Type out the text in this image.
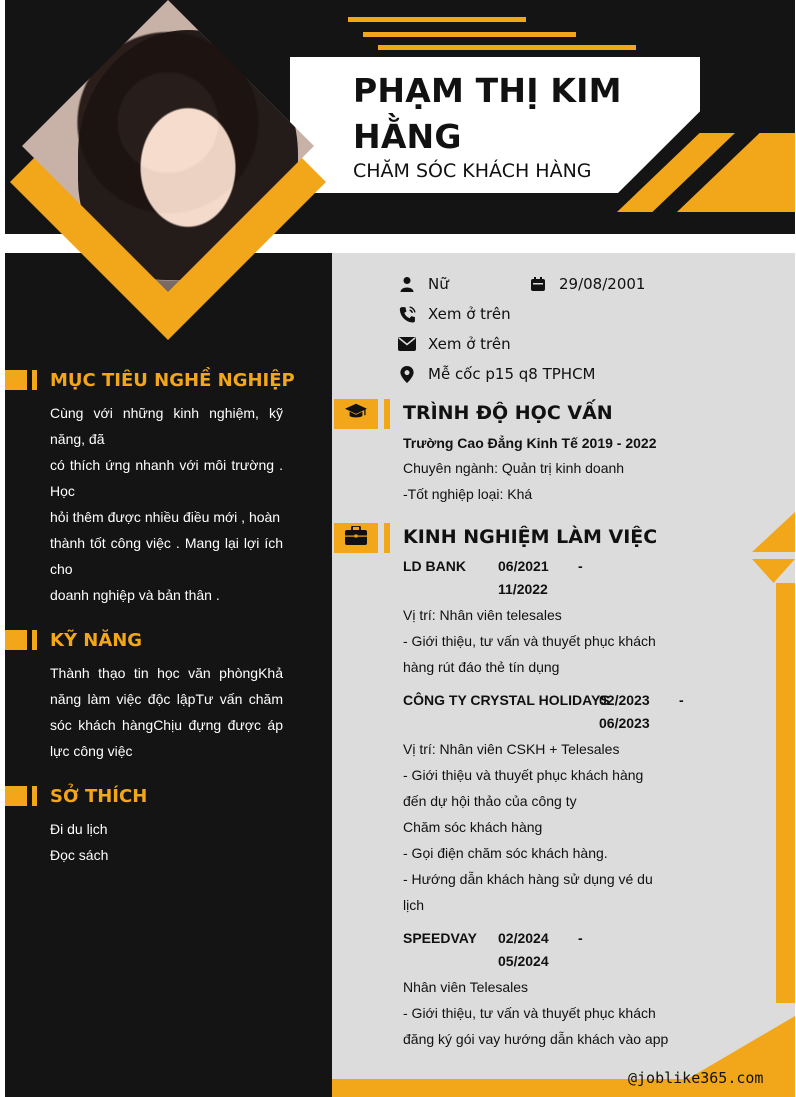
PHẠM THỊ KIM HẰNG
CHĂM SÓC KHÁCH HÀNG
MỤC TIÊU NGHỀ NGHIỆP
Cùng với những kinh nghiệm, kỹ năng, đã
có thích ứng nhanh với môi trường . Học
hỏi thêm được nhiều điều mới , hoàn
thành tốt công việc . Mang lại lợi ích cho
doanh nghiệp và bản thân .
KỸ NĂNG
Thành thạo tin học văn phòngKhả năng làm việc độc lậpTư vấn chăm sóc khách hàngChịu đựng được áp lực công việc
SỞ THÍCH
Đi du lịch
Đọc sách
Nữ	29/08/2001
Xem ở trên
Xem ở trên
Mễ cốc p15 q8 TPHCM
TRÌNH ĐỘ HỌC VẤN
Trường Cao Đẳng Kinh Tế 2019 - 2022
Chuyên ngành: Quản trị kinh doanh
-Tốt nghiệp loại: Khá
KINH NGHIỆM LÀM VIỆC
LD BANK 06/2021
11/2022
-
Vị trí: Nhân viên telesales
- Giới thiệu, tư vấn và thuyết phục khách
hàng rút đáo thẻ tín dụng
CÔNG TY CRYSTAL HOLIDAYS
02/2023
06/2023
-
Vị trí: Nhân viên CSKH + Telesales
- Giới thiệu và thuyết phục khách hàng
đến dự hội thảo của công ty
Chăm sóc khách hàng
- Gọi điện chăm sóc khách hàng.
- Hướng dẫn khách hàng sử dụng vé du
lịch
SPEEDVAY 02/2024
05/2024
-
Nhân viên Telesales
- Giới thiệu, tư vấn và thuyết phục khách
đăng ký gói vay hướng dẫn khách vào app
@joblike365.com
